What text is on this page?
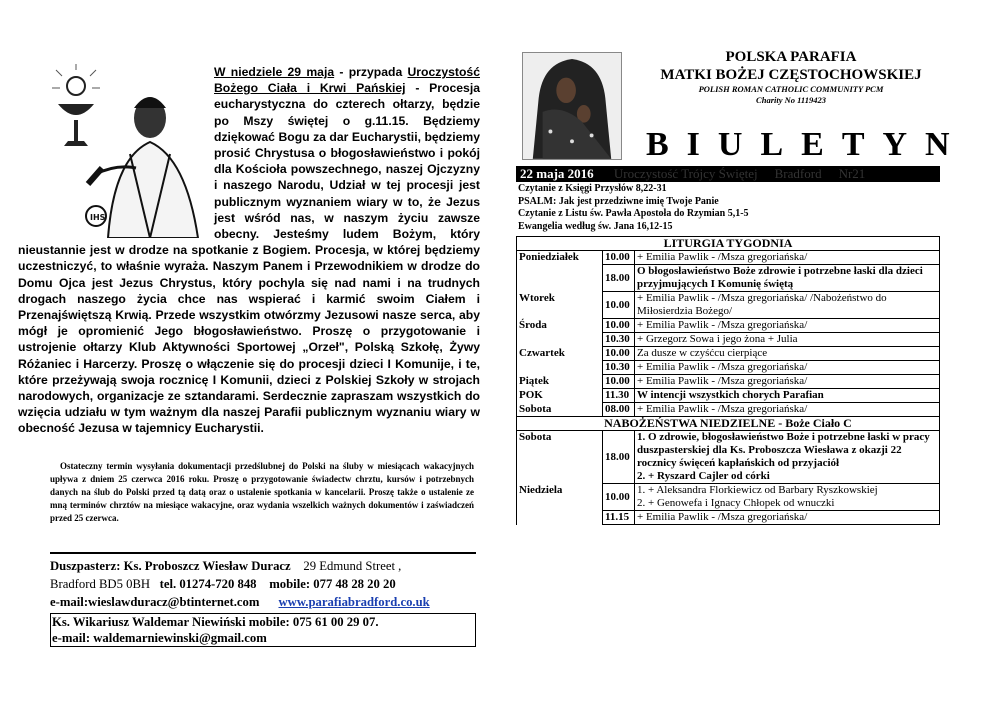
IHS

W niedziele 29 maja - przypada Uroczystość Bożego Ciała i Krwi Pańskiej - Procesja eucharystyczna do czterech ołtarzy, będzie po Mszy świętej o g.11.15. Będziemy dziękować Bogu za dar Eucharystii, będziemy prosić Chrystusa o błogosławieństwo i pokój dla Kościoła powszechnego, naszej Ojczyzny i naszego Narodu, Udział w tej procesji jest publicznym wyznaniem wiary w to, że Jezus jest wśród nas, w naszym życiu zawsze obecny. Jesteśmy ludem Bożym, który nieustannie jest w drodze na spotkanie z Bogiem. Procesja, w której będziemy uczestniczyć, to właśnie wyraża. Naszym Panem i Przewodnikiem w drodze do Domu Ojca jest Jezus Chrystus, który pochyla się nad nami i na trudnych drogach naszego życia chce nas wspierać i karmić swoim Ciałem i Przenajświętszą Krwią. Przede wszystkim otwórzmy Jezusowi nasze serca, aby mógł je opromienić Jego błogosławieństwo. Proszę o przygotowanie i ustrojenie ołtarzy Klub Aktywności Sportowej „Orzeł", Polską Szkołę, Żywy Różaniec i Harcerzy. Proszę o włączenie się do procesji dzieci I Komunije, i te, które przeżywają swoja rocznicę I Komunii, dzieci z Polskiej Szkoły w strojach narodowych, organizacje ze sztandarami. Serdecznie zapraszam wszystkich do wzięcia udziału w tym ważnym dla naszej Parafii publicznym wyznaniu wiary w obecność Jezusa w tajemnicy Eucharystii.

Ostateczny termin wysyłania dokumentacji przedślubnej do Polski na śluby w miesiącach wakacyjnych upływa z dniem 25 czerwca 2016 roku. Proszę o przygotowanie świadectw chrztu, kursów i potrzebnych danych na ślub do Polski przed tą datą oraz o ustalenie spotkania w kancelarii. Proszę także o ustalenie ze mną terminów chrztów na miesiące wakacyjne, oraz wydania wszelkich ważnych dokumentów i zaświadczeń przed 25 czerwca.

Duszpasterz: Ks. Proboszcz Wiesław Duracz 29 Edmund Street ,
Bradford BD5 0BH tel. 01274-720 848 mobile: 077 48 28 20 20
e-mail:wieslawduracz@btinternet.com www.parafiabradford.co.uk
Ks. Wikariusz Waldemar Niewiński mobile: 075 61 00 29 07.
e-mail: waldemarniewinski@gmail.com
POLSKA PARAFIA
MATKI BOŻEJ CZĘSTOCHOWSKIEJ
POLISH ROMAN CATHOLIC COMMUNITY PCM
Charity No 1119423
BIULETYN
22 maja 2016 Uroczystość Trójcy Świętej Bradford Nr21
Czytanie z Księgi Przysłów 8,22-31
PSALM: Jak jest przedziwne imię Twoje Panie
Czytanie z Listu św. Pawła Apostoła do Rzymian 5,1-5
Ewangelia według św. Jana 16,12-15
LITURGIA TYGODNIA		
Poniedziałek	10.00	+ Emilia Pawlik - /Msza gregoriańska/
	18.00	O błogosławieństwo Boże zdrowie i potrzebne łaski dla dzieci przyjmujących I Komunię świętą
Wtorek	10.00	+ Emilia Pawlik - /Msza gregoriańska/ /Nabożeństwo do Miłosierdzia Bożego/
Środa	10.00	+ Emilia Pawlik - /Msza gregoriańska/
	10.30	+ Grzegorz Sowa i jego żona + Julia
Czwartek	10.00	Za dusze w czyśćcu cierpiące
	10.30	+ Emilia Pawlik - /Msza gregoriańska/
Piątek	10.00	+ Emilia Pawlik - /Msza gregoriańska/
POK	11.30	W intencji wszystkich chorych Parafian
Sobota	08.00	+ Emilia Pawlik - /Msza gregoriańska/
NABOŻEŃSTWA NIEDZIELNE - Boże Ciało C		
Sobota	18.00	1. O zdrowie, błogosławieństwo Boże i potrzebne łaski w pracy duszpasterskiej dla Ks. Proboszcza Wiesława z okazji 22 rocznicy święceń kapłańskich od przyjaciół
2. + Ryszard Cajler od córki

Niedziela	10.00	1. + Aleksandra Florkiewicz od Barbary Ryszkowskiej
2. + Genowefa i Ignacy Chłopek od wnuczki

	11.15	+ Emilia Pawlik - /Msza gregoriańska/
